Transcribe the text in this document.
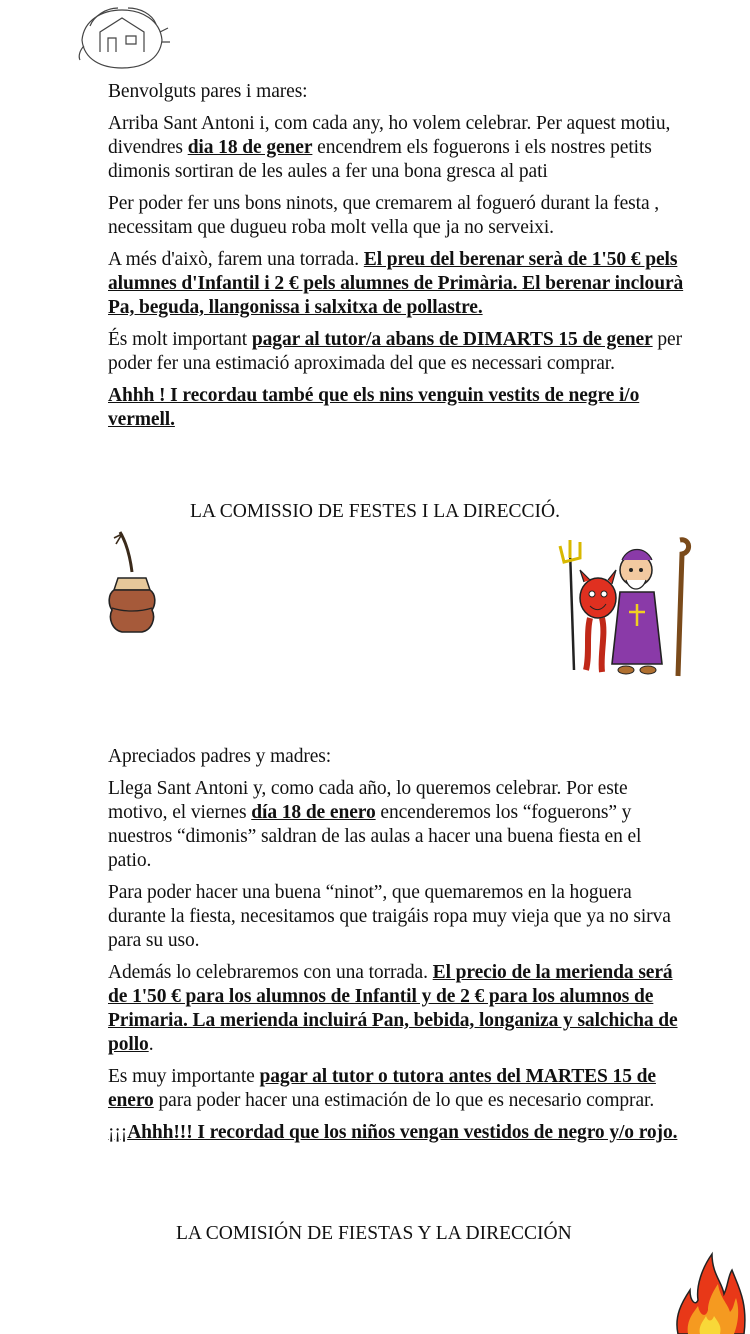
Benvolguts pares i mares:

Arriba Sant Antoni i, com cada any, ho volem celebrar. Per aquest motiu, divendres dia 18 de gener encendrem els foguerons i els nostres petits dimonis sortiran de les aules a fer una bona gresca al pati

Per poder fer uns bons ninots, que cremarem al fogueró durant la festa , necessitam que dugueu roba molt vella que ja no serveixi.

A més d'això, farem una torrada. El preu del berenar serà de 1'50 € pels alumnes d'Infantil i 2 € pels alumnes de Primària. El berenar inclourà Pa, beguda, llangonissa i salxitxa de pollastre.

És molt important pagar al tutor/a abans de DIMARTS 15 de gener per poder fer una estimació aproximada del que es necessari comprar.

Ahhh ! I recordau també que els nins venguin vestits de negre i/o vermell.

LA COMISSIO DE FESTES I LA DIRECCIÓ.

Apreciados padres y madres:

Llega Sant Antoni y, como cada año, lo queremos celebrar. Por este motivo, el viernes día 18 de enero encenderemos los “foguerons” y nuestros “dimonis” saldran de las aulas a hacer una buena fiesta en el patio.

Para poder hacer una buena “ninot”, que quemaremos en la hoguera durante la fiesta, necesitamos que traigáis ropa muy vieja que ya no sirva para su uso.

Además lo celebraremos con una torrada. El precio de la merienda será de 1'50 € para los alumnos de Infantil y de 2 € para los alumnos de Primaria. La merienda incluirá Pan, bebida, longaniza y salchicha de pollo.

Es muy importante pagar al tutor o tutora antes del MARTES 15 de enero para poder hacer una estimación de lo que es necesario comprar.

¡¡¡Ahhh!!! I recordad que los niños vengan vestidos de negro y/o rojo.

LA COMISIÓN DE FIESTAS Y LA DIRECCIÓN
